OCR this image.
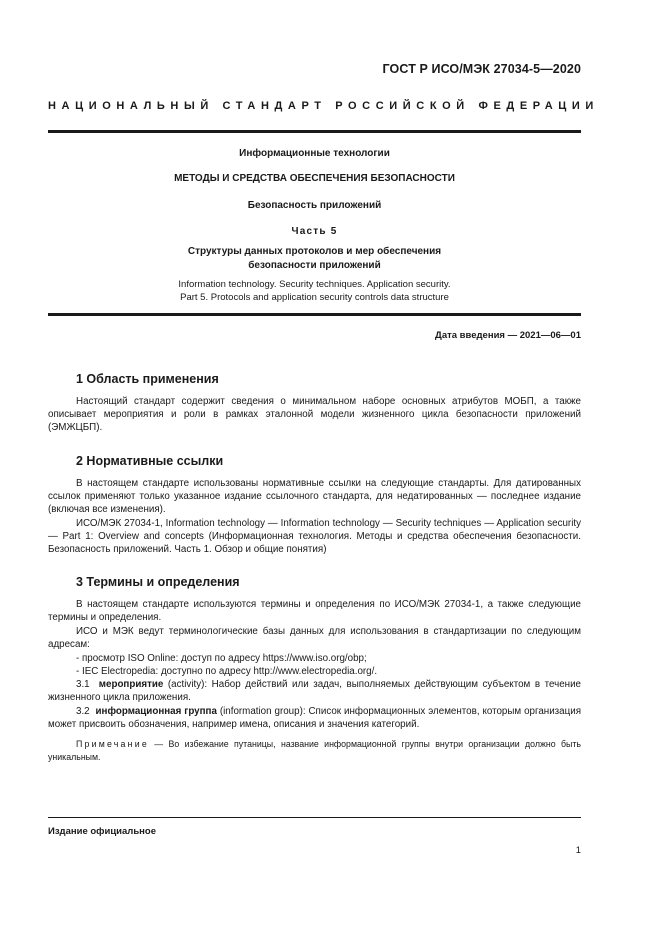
ГОСТ Р ИСО/МЭК 27034-5—2020
НАЦИОНАЛЬНЫЙ СТАНДАРТ РОССИЙСКОЙ ФЕДЕРАЦИИ
Информационные технологии
МЕТОДЫ И СРЕДСТВА ОБЕСПЕЧЕНИЯ БЕЗОПАСНОСТИ
Безопасность приложений
Часть 5
Структуры данных протоколов и мер обеспечения
безопасности приложений
Information technology. Security techniques. Application security.
Part 5. Protocols and application security controls data structure
Дата введения — 2021—06—01
1 Область применения

Настоящий стандарт содержит сведения о минимальном наборе основных атрибутов МОБП, а также описывает мероприятия и роли в рамках эталонной модели жизненного цикла безопасности приложений (ЭМЖЦБП).

2 Нормативные ссылки

В настоящем стандарте использованы нормативные ссылки на следующие стандарты. Для датированных ссылок применяют только указанное издание ссылочного стандарта, для недатированных — последнее издание (включая все изменения).

ИСО/МЭК 27034-1, Information technology — Information technology — Security techniques — Application security — Part 1: Overview and concepts (Информационная технология. Методы и средства обеспечения безопасности. Безопасность приложений. Часть 1. Обзор и общие понятия)

3 Термины и определения

В настоящем стандарте используются термины и определения по ИСО/МЭК 27034-1, а также следующие термины и определения.

ИСО и МЭК ведут терминологические базы данных для использования в стандартизации по следующим адресам:

- просмотр ISO Online: доступ по адресу https://www.iso.org/obp;
- IEC Electropedia: доступно по адресу http://www.electropedia.org/.

3.1 мероприятие (activity): Набор действий или задач, выполняемых действующим субъектом в течение жизненного цикла приложения.

3.2 информационная группа (information group): Список информационных элементов, которым организация может присвоить обозначения, например имена, описания и значения категорий.

Примечание — Во избежание путаницы, название информационной группы внутри организации должно быть уникальным.

Издание официальное
1
